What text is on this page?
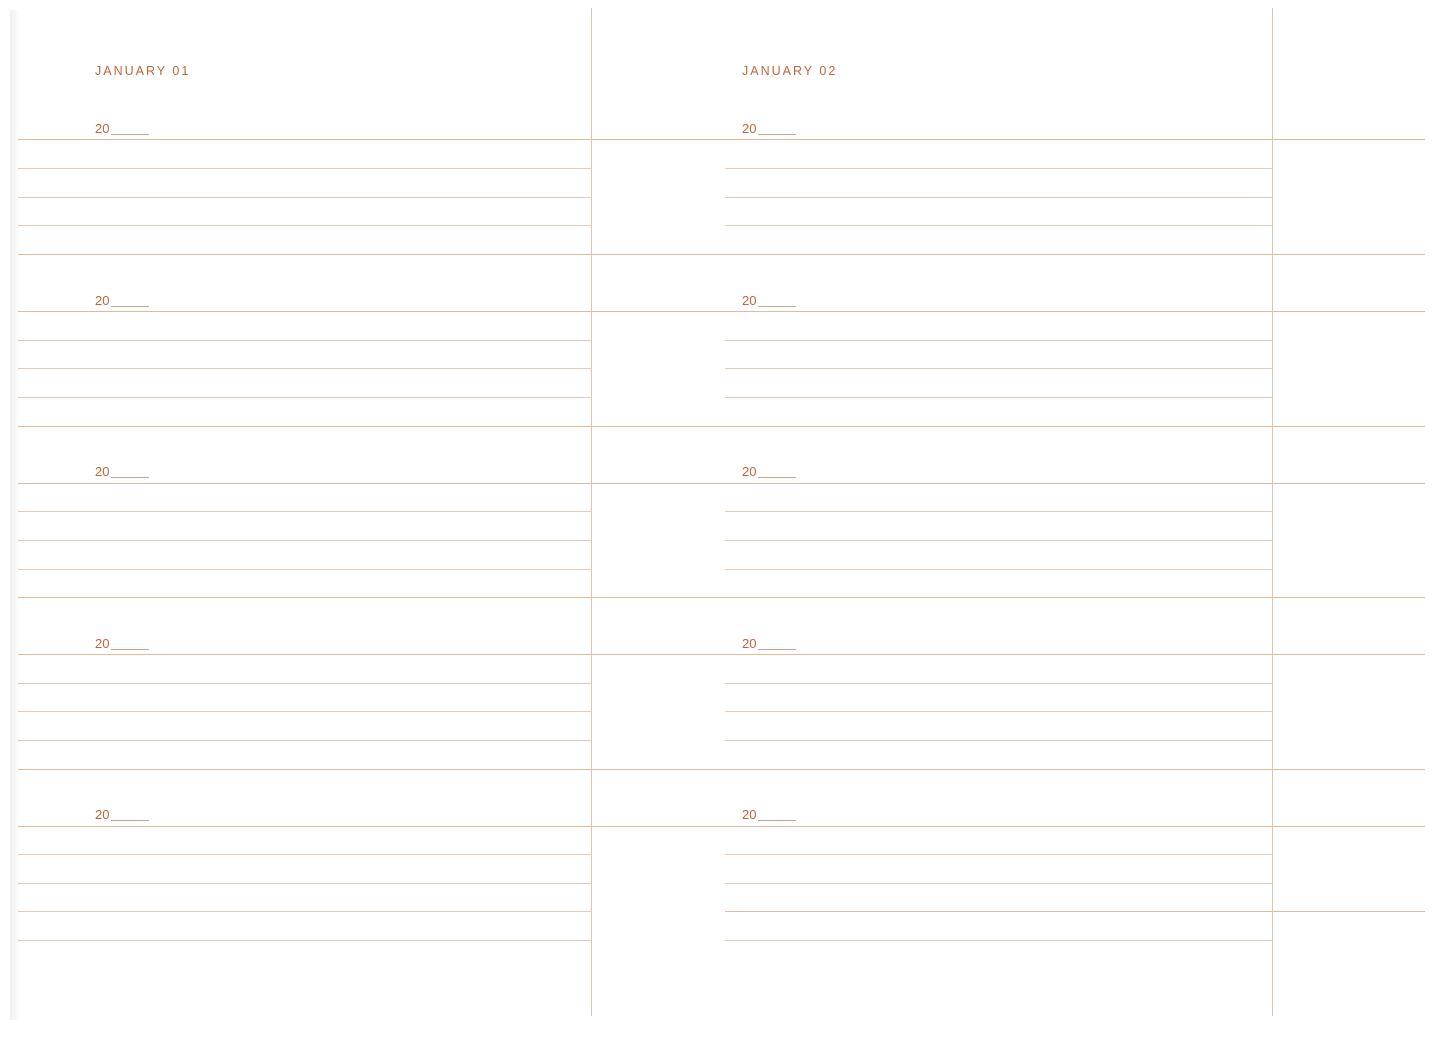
JANUARY 01
20
20
20
20
20
JANUARY 02
20
20
20
20
20
